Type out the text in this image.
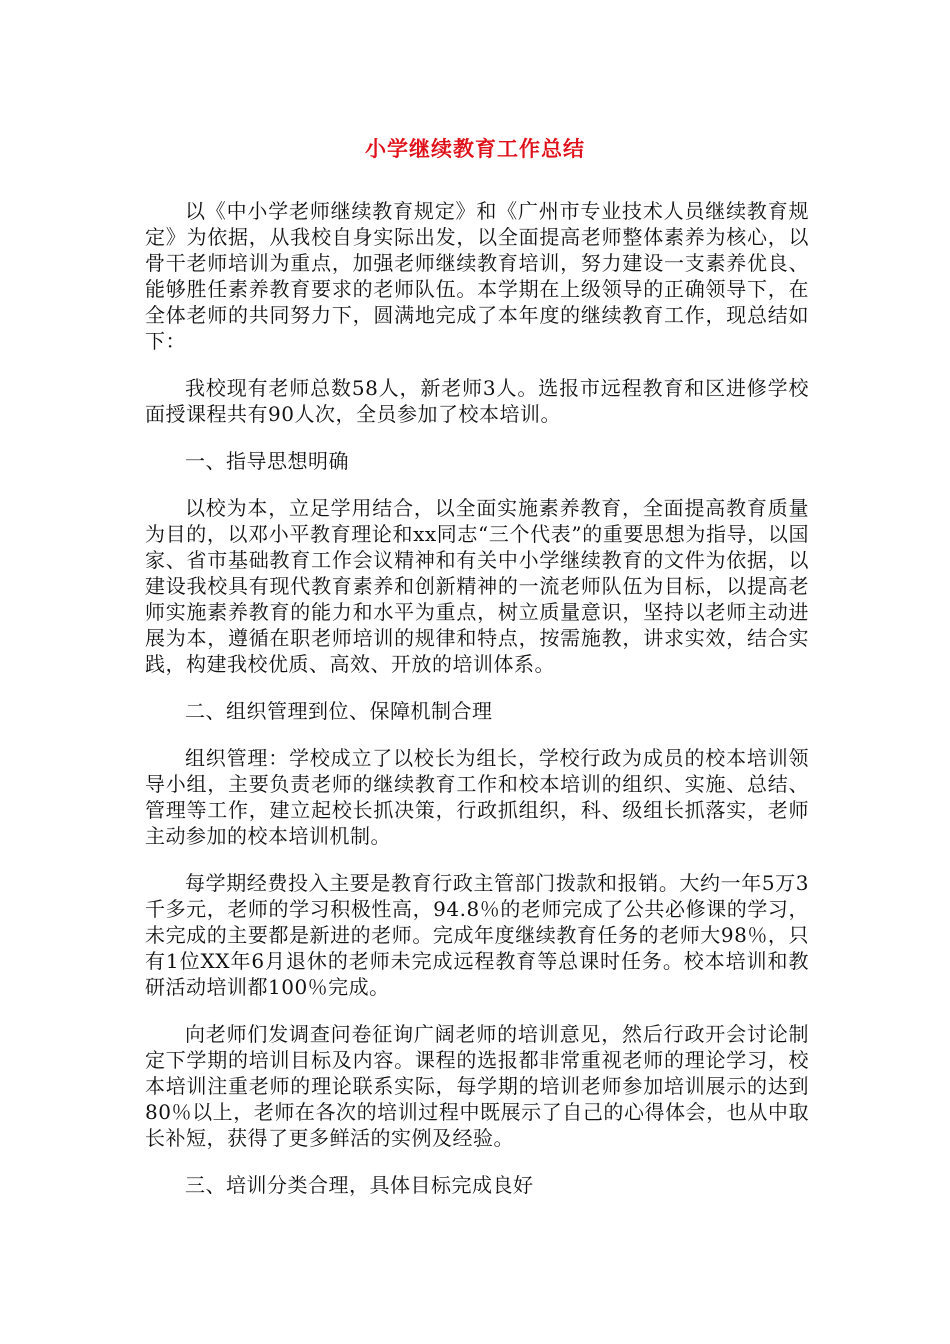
小学继续教育工作总结

以《中小学老师继续教育规定》和《广州市专业技术人员继续教育规定》为依据，从我校自身实际出发，以全面提高老师整体素养为核心，以骨干老师培训为重点，加强老师继续教育培训，努力建设一支素养优良、能够胜任素养教育要求的老师队伍。本学期在上级领导的正确领导下，在全体老师的共同努力下，圆满地完成了本年度的继续教育工作，现总结如下：

我校现有老师总数58人，新老师3人。选报市远程教育和区进修学校面授课程共有90人次，全员参加了校本培训。

一、指导思想明确

以校为本，立足学用结合，以全面实施素养教育，全面提高教育质量为目的，以邓小平教育理论和xx同志“三个代表”的重要思想为指导，以国家、省市基础教育工作会议精神和有关中小学继续教育的文件为依据，以建设我校具有现代教育素养和创新精神的一流老师队伍为目标，以提高老师实施素养教育的能力和水平为重点，树立质量意识，坚持以老师主动进展为本，遵循在职老师培训的规律和特点，按需施教，讲求实效，结合实践，构建我校优质、高效、开放的培训体系。

二、组织管理到位、保障机制合理

组织管理：学校成立了以校长为组长，学校行政为成员的校本培训领导小组，主要负责老师的继续教育工作和校本培训的组织、实施、总结、管理等工作，建立起校长抓决策，行政抓组织，科、级组长抓落实，老师主动参加的校本培训机制。

每学期经费投入主要是教育行政主管部门拨款和报销。大约一年5万3千多元，老师的学习积极性高，94.8％的老师完成了公共必修课的学习，未完成的主要都是新进的老师。完成年度继续教育任务的老师大98％，只有1位XX年6月退休的老师未完成远程教育等总课时任务。校本培训和教研活动培训都100％完成。

向老师们发调查问卷征询广阔老师的培训意见，然后行政开会讨论制定下学期的培训目标及内容。课程的选报都非常重视老师的理论学习，校本培训注重老师的理论联系实际，每学期的培训老师参加培训展示的达到80％以上，老师在各次的培训过程中既展示了自己的心得体会，也从中取长补短，获得了更多鲜活的实例及经验。

三、培训分类合理，具体目标完成良好
